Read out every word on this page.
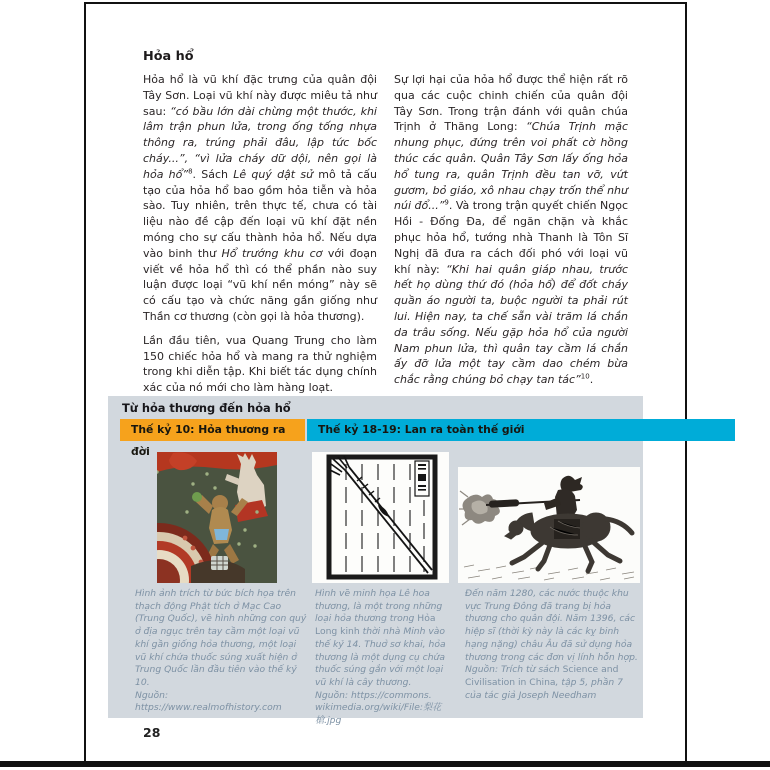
Hỏa hổ

Hỏa hổ là vũ khí đặc trưng của quân đội Tây Sơn. Loại vũ khí này được miêu tả như sau: “có bầu lớn dài chừng một thước, khi lâm trận phun lửa, trong ống tống nhựa thông ra, trúng phải đâu, lập tức bốc cháy...”, “vì lửa cháy dữ dội, nên gọi là hỏa hổ”$^8$. Sách Lê quý dật sử mô tả cấu tạo của hỏa hổ bao gồm hỏa tiễn và hỏa sào. Tuy nhiên, trên thực tế, chưa có tài liệu nào đề cập đến loại vũ khí đặt nền móng cho sự cấu thành hỏa hổ. Nếu dựa vào binh thư Hổ trướng khu cơ với đoạn viết về hỏa hổ thì có thể phần nào suy luận được loại “vũ khí nền móng” này sẽ có cấu tạo và chức năng gần giống như Thần cơ thương (còn gọi là hỏa thương).

Lần đầu tiên, vua Quang Trung cho làm 150 chiếc hỏa hổ và mang ra thử nghiệm trong khi diễn tập. Khi biết tác dụng chính xác của nó mới cho làm hàng loạt.

Sự lợi hại của hỏa hổ được thể hiện rất rõ qua các cuộc chinh chiến của quân đội Tây Sơn. Trong trận đánh với quân chúa Trịnh ở Thăng Long: “Chúa Trịnh mặc nhung phục, đứng trên voi phất cờ hồng thúc các quân. Quân Tây Sơn lấy ống hỏa hổ tung ra, quân Trịnh đều tan vỡ, vứt gươm, bỏ giáo, xô nhau chạy trốn thể như núi đổ...”$^9$. Và trong trận quyết chiến Ngọc Hồi - Đống Đa, để ngăn chặn và khắc phục hỏa hổ, tướng nhà Thanh là Tôn Sĩ Nghị đã đưa ra cách đối phó với loại vũ khí này: “Khi hai quân giáp nhau, trước hết họ dùng thứ đó (hỏa hổ) để đốt cháy quần áo người ta, buộc người ta phải rút lui. Hiện nay, ta chế sẵn vài trăm lá chắn da trâu sống. Nếu gặp hỏa hổ của người Nam phun lửa, thì quân tay cầm lá chắn ấy đỡ lửa một tay cầm dao chém bừa chắc rằng chúng bỏ chạy tan tác”$^{10}$.

Từ hỏa thương đến hỏa hổ
Thế kỷ 10: Hỏa thương ra đời
Thế kỷ 18-19: Lan ra toàn thế giới
Hình ảnh trích từ bức bích họa trên thạch động Phật tích ở Mạc Cao (Trung Quốc), vẽ hình những con quỷ ở địa ngục trên tay cầm một loại vũ khí gần giống hỏa thương, một loại vũ khí chứa thuốc súng xuất hiện ở Trung Quốc lần đầu tiên vào thế kỷ 10.
Nguồn: https://www.realmofhistory.com
Hình vẽ minh họa Lê hoa thương, là một trong những loại hỏa thương trong Hỏa Long kinh thời nhà Minh vào thế kỷ 14. Thuở sơ khai, hỏa thương là một dụng cụ chứa thuốc súng gắn với một loại vũ khí là cây thương.
Nguồn: https://commons.
wikimedia.org/wiki/File:梨花槍.jpg
Đến năm 1280, các nước thuộc khu vực Trung Đông đã trang bị hỏa thương cho quân đội. Năm 1396, các hiệp sĩ (thời kỳ này là các kỵ binh hạng nặng) châu Âu đã sử dụng hỏa thương trong các đơn vị lính hỗn hợp.
Nguồn: Trích từ sách Science and Civilisation in China, tập 5, phần 7 của tác giả Joseph Needham
28
